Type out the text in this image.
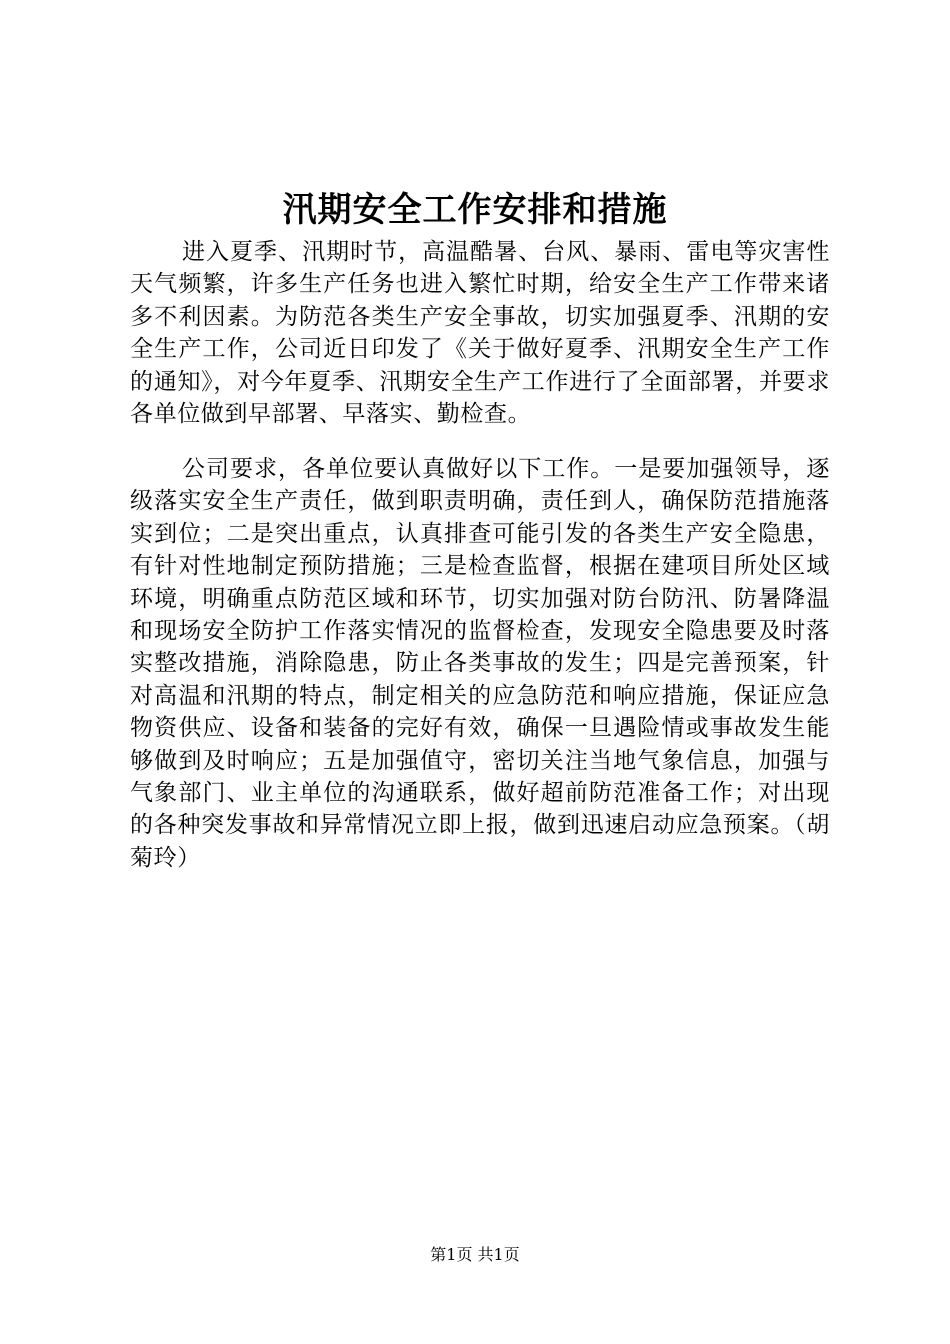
汛期安全工作安排和措施

进入夏季、汛期时节，高温酷暑、台风、暴雨、雷电等灾害性天气频繁，许多生产任务也进入繁忙时期，给安全生产工作带来诸多不利因素。为防范各类生产安全事故，切实加强夏季、汛期的安全生产工作，公司近日印发了《关于做好夏季、汛期安全生产工作的通知》，对今年夏季、汛期安全生产工作进行了全面部署，并要求各单位做到早部署、早落实、勤检查。

公司要求，各单位要认真做好以下工作。一是要加强领导，逐级落实安全生产责任，做到职责明确，责任到人，确保防范措施落实到位；二是突出重点，认真排查可能引发的各类生产安全隐患，有针对性地制定预防措施；三是检查监督，根据在建项目所处区域环境，明确重点防范区域和环节，切实加强对防台防汛、防暑降温和现场安全防护工作落实情况的监督检查，发现安全隐患要及时落实整改措施，消除隐患，防止各类事故的发生；四是完善预案，针对高温和汛期的特点，制定相关的应急防范和响应措施，保证应急物资供应、设备和装备的完好有效，确保一旦遇险情或事故发生能够做到及时响应；五是加强值守，密切关注当地气象信息，加强与气象部门、业主单位的沟通联系，做好超前防范准备工作；对出现的各种突发事故和异常情况立即上报，做到迅速启动应急预案。（胡菊玲）

第1页 共1页
